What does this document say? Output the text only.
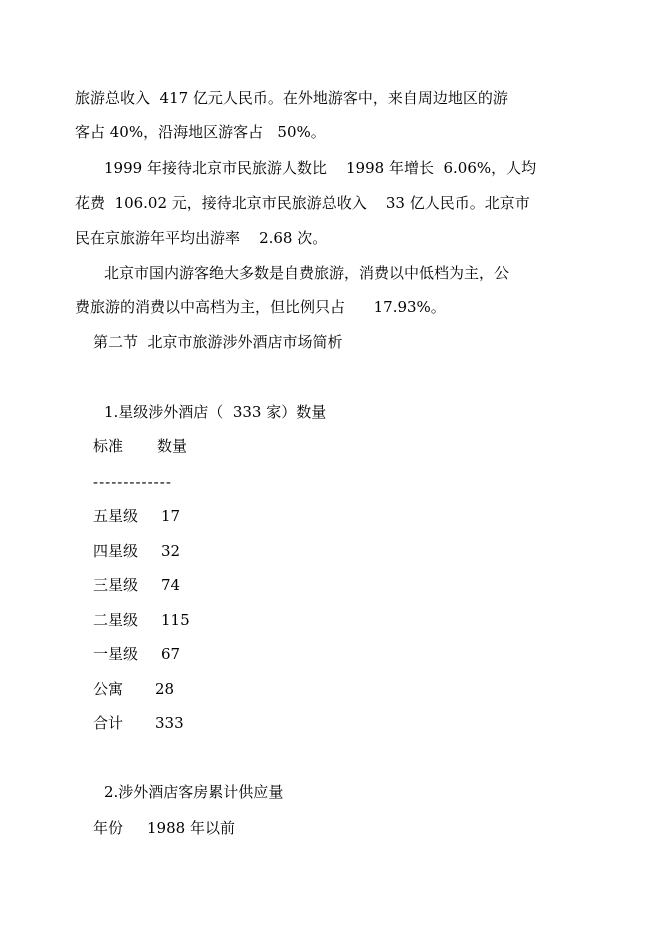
旅游总收入  417 亿元人民币。在外地游客中，来自周边地区的游
客占 40%，沿海地区游客占   50%。
1999 年接待北京市民旅游人数比    1998 年增长  6.06%，人均
花费  106.02 元，接待北京市民旅游总收入    33 亿人民币。北京市
民在京旅游年平均出游率    2.68 次。
北京市国内游客绝大多数是自费旅游，消费以中低档为主，公
费旅游的消费以中高档为主，但比例只占      17.93%。
第二节  北京市旅游涉外酒店市场简析
1.星级涉外酒店（  333 家）数量
标准 数量
-------------
五星级 17
四星级 32
三星级 74
二星级 115
一星级 67
公寓 28
合计 333
2.涉外酒店客房累计供应量
年份 1988 年以前
